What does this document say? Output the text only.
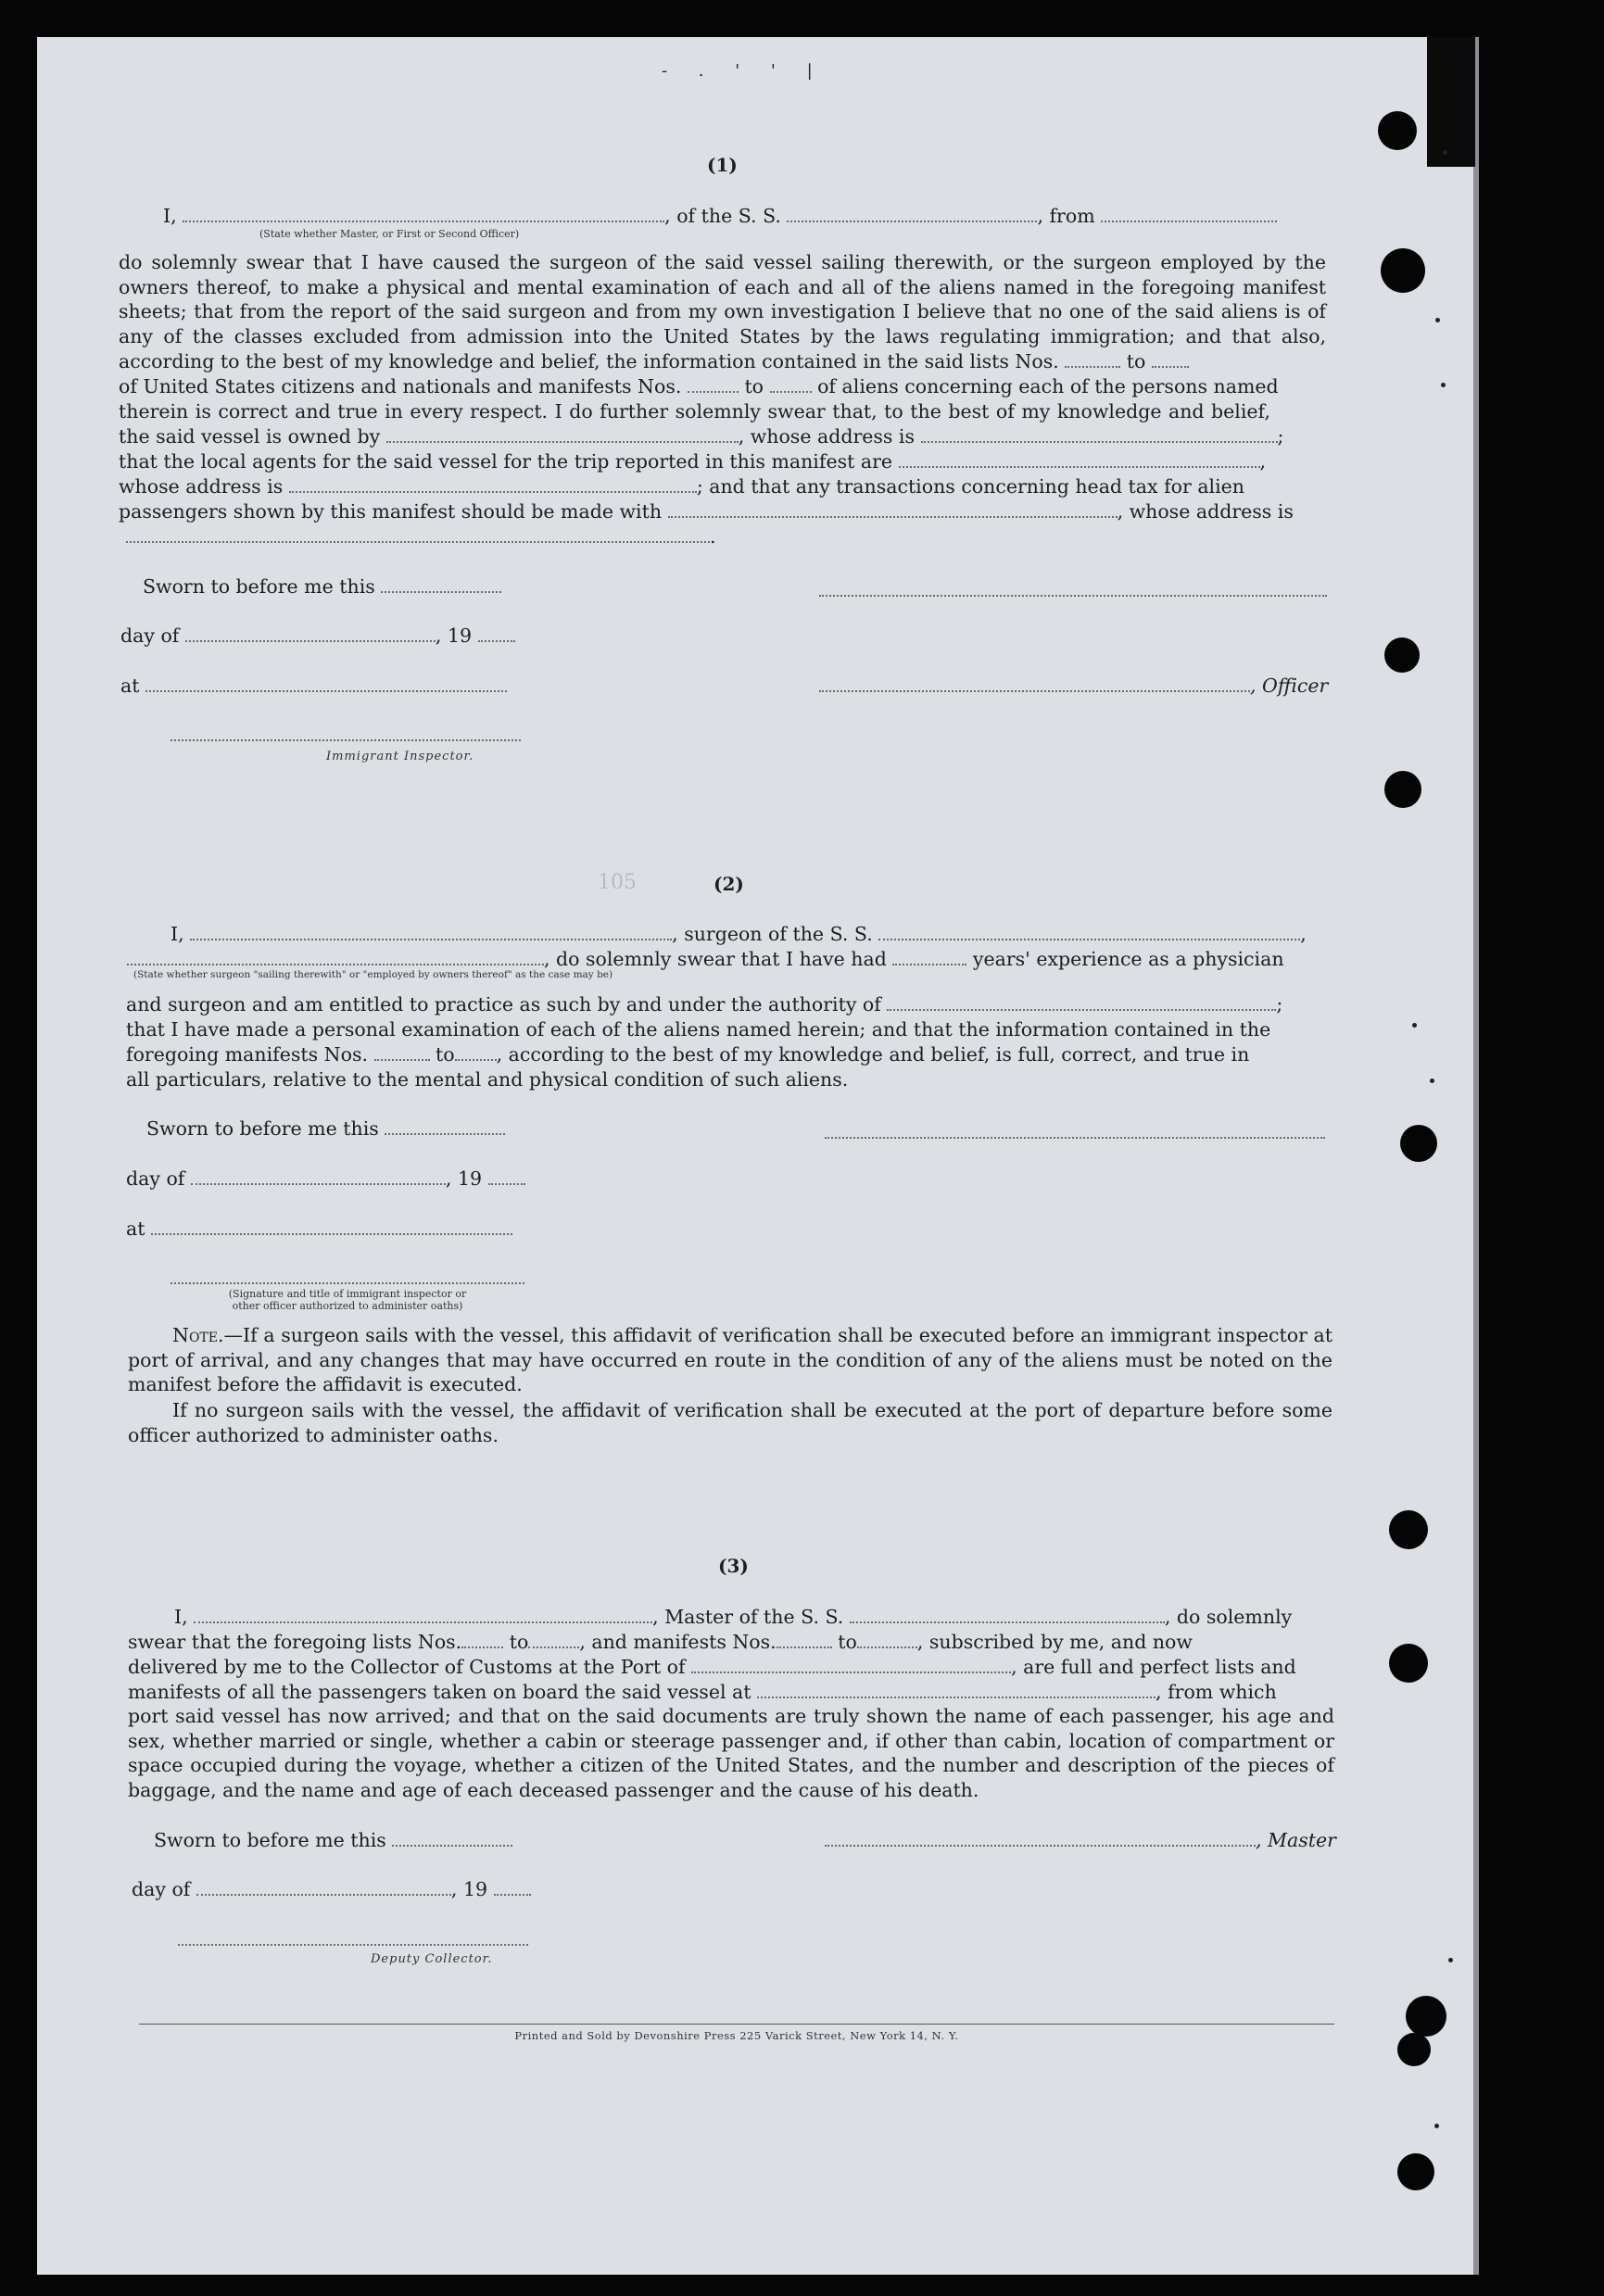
- . ' ' |
105
(1)
I,	, of the S. S.	, from
(State whether Master, or First or Second Officer)
do solemnly swear that I have caused the surgeon of the said vessel sailing therewith, or the surgeon employed by the owners thereof, to make a physical and mental examination of each and all of the aliens named in the foregoing manifest sheets; that from the report of the said surgeon and from my own investigation I believe that no one of the said aliens is of any of the classes excluded from admission into the United States by the laws regulating immigration; and that also, according to the best of my knowledge and belief, the information contained in the said lists Nos.	to
of United States citizens and nationals and manifests Nos.	to	of aliens concerning each of the persons named
therein is correct and true in every respect. I do further solemnly swear that, to the best of my knowledge and belief,
the said vessel is owned by	, whose address is	;
that the local agents for the said vessel for the trip reported in this manifest are	,
whose address is	; and that any transactions concerning head tax for alien
passengers shown by this manifest should be made with	, whose address is
.
Sworn to before me this
day of	, 19
at	, Officer
Immigrant Inspector.
(2)
I,	, surgeon of the S. S.	,
, do solemnly swear that I have had	years' experience as a physician
(State whether surgeon "sailing therewith" or "employed by owners thereof" as the case may be)
and surgeon and am entitled to practice as such by and under the authority of	;
that I have made a personal examination of each of the aliens named herein; and that the information contained in the
foregoing manifests Nos.	to , according to the best of my knowledge and belief, is full, correct, and true in
all particulars, relative to the mental and physical condition of such aliens.
Sworn to before me this
day of	, 19
at
(Signature and title of immigrant inspector or
other officer authorized to administer oaths)
Note.—If a surgeon sails with the vessel, this affidavit of verification shall be executed before an immigrant inspector at port of arrival, and any changes that may have occurred en route in the condition of any of the aliens must be noted on the manifest before the affidavit is executed.
If no surgeon sails with the vessel, the affidavit of verification shall be executed at the port of departure before some officer authorized to administer oaths.
(3)
I,	, Master of the S. S.	, do solemnly
swear that the foregoing lists Nos.	to	, and manifests Nos.	to	, subscribed by me, and now
delivered by me to the Collector of Customs at the Port of	, are full and perfect lists and
manifests of all the passengers taken on board the said vessel at	, from which
port said vessel has now arrived; and that on the said documents are truly shown the name of each passenger, his age and sex, whether married or single, whether a cabin or steerage passenger and, if other than cabin, location of compartment or space occupied during the voyage, whether a citizen of the United States, and the number and description of the pieces of baggage, and the name and age of each deceased passenger and the cause of his death.
Sworn to before me this	, Master
day of	, 19
Deputy Collector.
Printed and Sold by Devonshire Press 225 Varick Street, New York 14, N. Y.
